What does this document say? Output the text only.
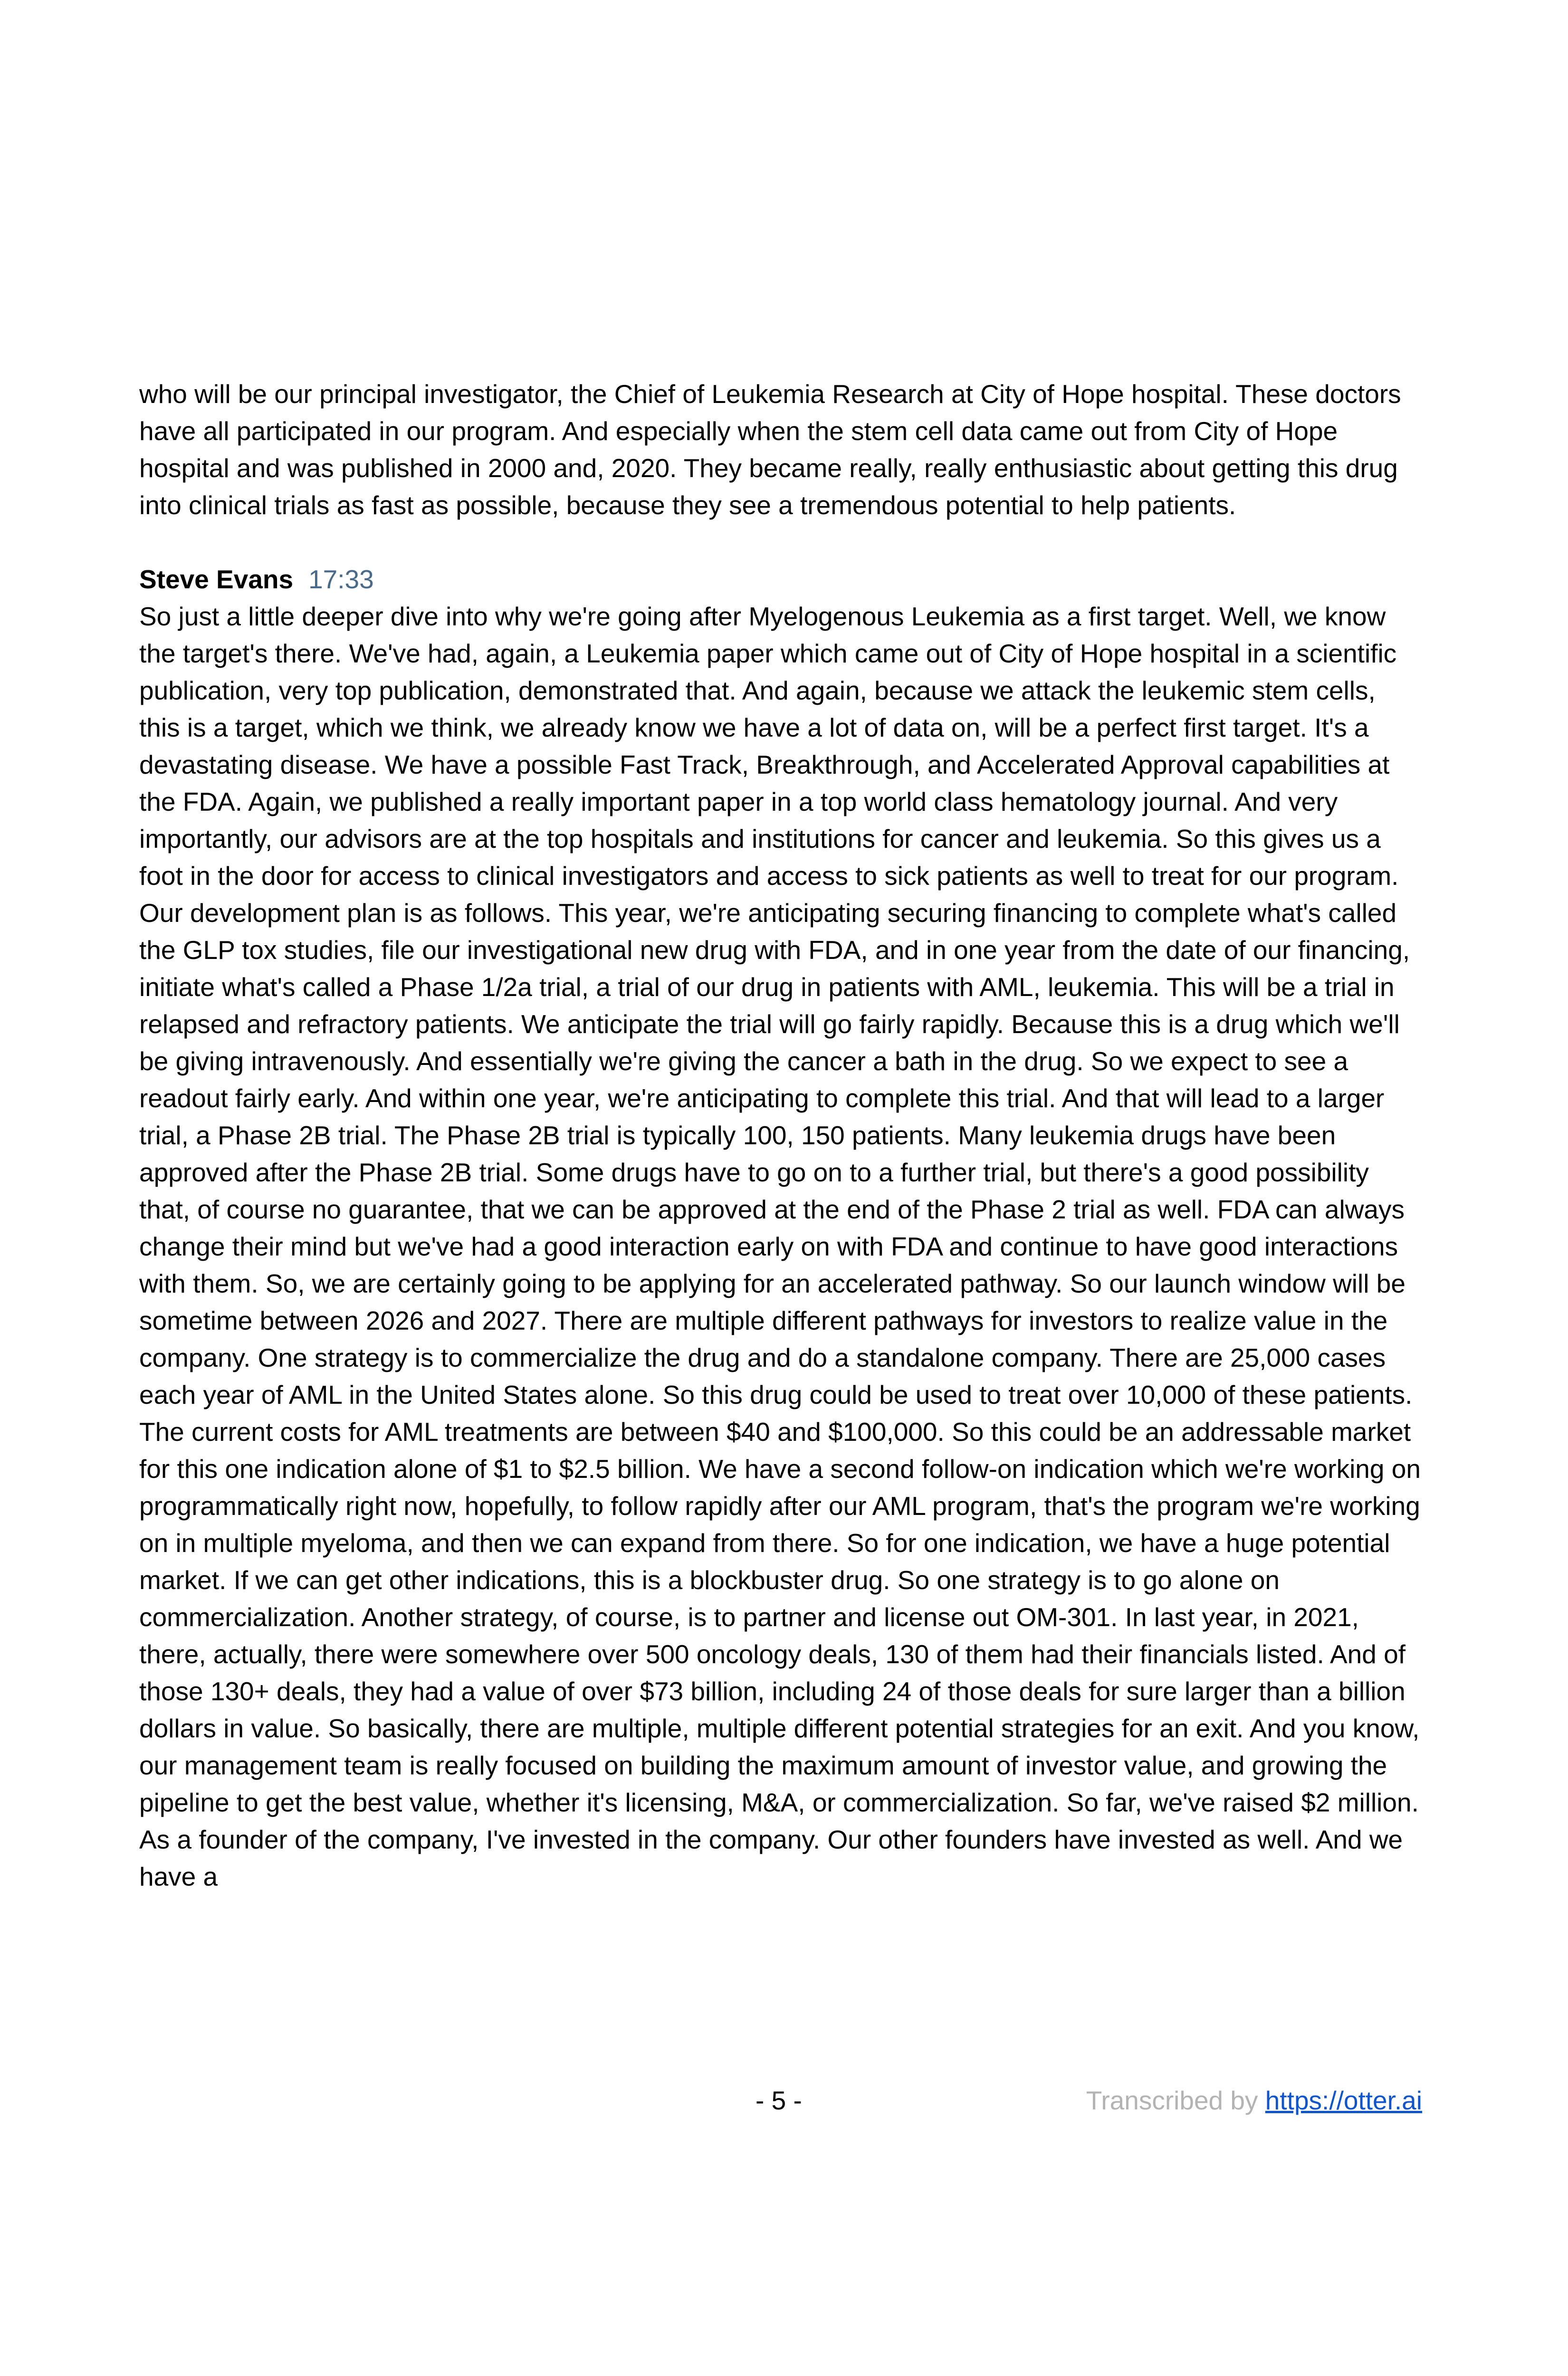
who will be our principal investigator, the Chief of Leukemia Research at City of Hope hospital. These doctors have all participated in our program. And especially when the stem cell data came out from City of Hope hospital and was published in 2000 and, 2020. They became really, really enthusiastic about getting this drug into clinical trials as fast as possible, because they see a tremendous potential to help patients.

Steve Evans 17:33

So just a little deeper dive into why we're going after Myelogenous Leukemia as a first target. Well, we know the target's there. We've had, again, a Leukemia paper which came out of City of Hope hospital in a scientific publication, very top publication, demonstrated that. And again, because we attack the leukemic stem cells, this is a target, which we think, we already know we have a lot of data on, will be a perfect first target. It's a devastating disease. We have a possible Fast Track, Breakthrough, and Accelerated Approval capabilities at the FDA. Again, we published a really important paper in a top world class hematology journal. And very importantly, our advisors are at the top hospitals and institutions for cancer and leukemia. So this gives us a foot in the door for access to clinical investigators and access to sick patients as well to treat for our program. Our development plan is as follows. This year, we're anticipating securing financing to complete what's called the GLP tox studies, file our investigational new drug with FDA, and in one year from the date of our financing, initiate what's called a Phase 1/2a trial, a trial of our drug in patients with AML, leukemia. This will be a trial in relapsed and refractory patients. We anticipate the trial will go fairly rapidly. Because this is a drug which we'll be giving intravenously. And essentially we're giving the cancer a bath in the drug. So we expect to see a readout fairly early. And within one year, we're anticipating to complete this trial. And that will lead to a larger trial, a Phase 2B trial. The Phase 2B trial is typically 100, 150 patients. Many leukemia drugs have been approved after the Phase 2B trial. Some drugs have to go on to a further trial, but there's a good possibility that, of course no guarantee, that we can be approved at the end of the Phase 2 trial as well. FDA can always change their mind but we've had a good interaction early on with FDA and continue to have good interactions with them. So, we are certainly going to be applying for an accelerated pathway. So our launch window will be sometime between 2026 and 2027. There are multiple different pathways for investors to realize value in the company. One strategy is to commercialize the drug and do a standalone company. There are 25,000 cases each year of AML in the United States alone. So this drug could be used to treat over 10,000 of these patients. The current costs for AML treatments are between $40 and $100,000. So this could be an addressable market for this one indication alone of $1 to $2.5 billion. We have a second follow-on indication which we're working on programmatically right now, hopefully, to follow rapidly after our AML program, that's the program we're working on in multiple myeloma, and then we can expand from there. So for one indication, we have a huge potential market. If we can get other indications, this is a blockbuster drug. So one strategy is to go alone on commercialization. Another strategy, of course, is to partner and license out OM-301. In last year, in 2021, there, actually, there were somewhere over 500 oncology deals, 130 of them had their financials listed. And of those 130+ deals, they had a value of over $73 billion, including 24 of those deals for sure larger than a billion dollars in value. So basically, there are multiple, multiple different potential strategies for an exit. And you know, our management team is really focused on building the maximum amount of investor value, and growing the pipeline to get the best value, whether it's licensing, M&A, or commercialization. So far, we've raised $2 million. As a founder of the company, I've invested in the company. Our other founders have invested as well. And we have a

- 5 -	Transcribed by https://otter.ai
